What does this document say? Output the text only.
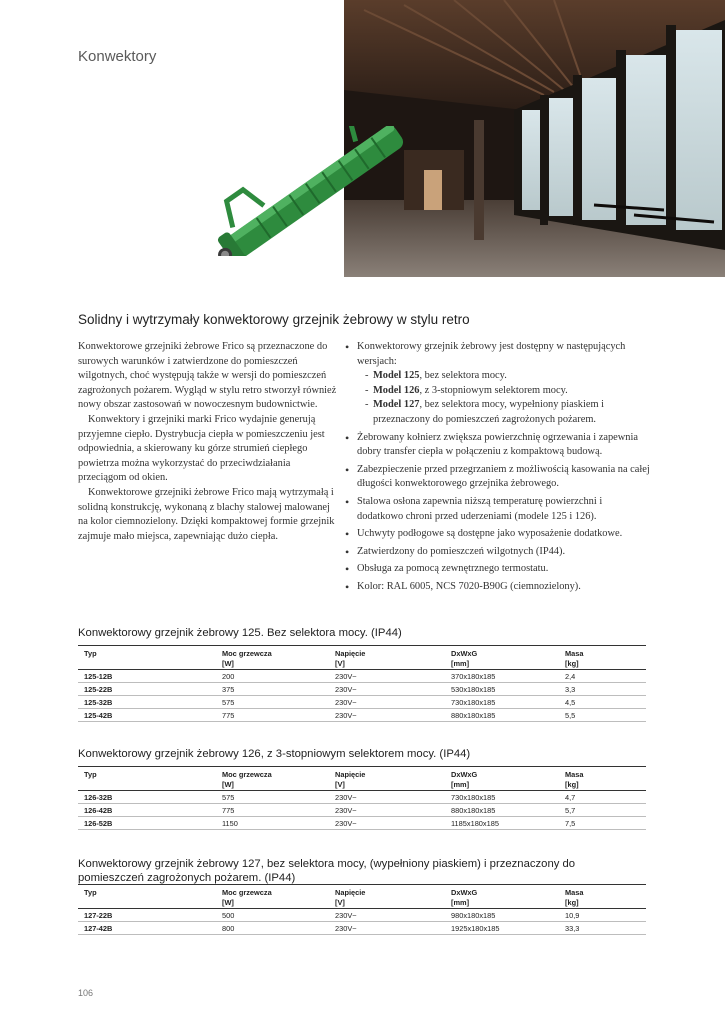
Konwektory
Solidny i wytrzymały konwektorowy grzejnik żebrowy w stylu retro

Konwektorowe grzejniki żebrowe Frico są przeznaczone do surowych warunków i zatwierdzone do pomieszczeń wilgotnych, choć występują także w wersji do pomieszczeń zagrożonych pożarem. Wygląd w stylu retro stworzył również nowy obszar zastosowań w nowoczesnym budownictwie.

Konwektory i grzejniki marki Frico wydajnie generują przyjemne ciepło. Dystrybucja ciepła w pomieszczeniu jest odpowiednia, a skierowany ku górze strumień ciepłego powietrza można wykorzystać do przeciwdziałania przeciągom od okien.

Konwektorowe grzejniki żebrowe Frico mają wytrzymałą i solidną konstrukcję, wykonaną z blachy stalowej malowanej na kolor ciemnozielony. Dzięki kompaktowej formie grzejnik zajmuje mało miejsca, zapewniając dużo ciepła.

• Konwektorowy grzejnik żebrowy jest dostępny w następujących wersjach:
- Model 125, bez selektora mocy.
- Model 126, z 3-stopniowym selektorem mocy.
- Model 127, bez selektora mocy, wypełniony piaskiem i przeznaczony do pomieszczeń zagrożonych pożarem.
• Żebrowany kołnierz zwiększa powierzchnię ogrzewania i zapewnia dobry transfer ciepła w połączeniu z kompaktową budową.
• Zabezpieczenie przed przegrzaniem z możliwością kasowania na całej długości konwektorowego grzejnika żebrowego.
• Stalowa osłona zapewnia niższą temperaturę powierzchni i dodatkowo chroni przed uderzeniami (modele 125 i 126).
• Uchwyty podłogowe są dostępne jako wyposażenie dodatkowe.
• Zatwierdzony do pomieszczeń wilgotnych (IP44).
• Obsługa za pomocą zewnętrznego termostatu.
• Kolor: RAL 6005, NCS 7020-B90G (ciemnozielony).
Konwektorowy grzejnik żebrowy 125. Bez selektora mocy. (IP44)
Typ	Moc grzewcza	Napięcie	DxWxG	Masa
	[W]	[V]	[mm]	[kg]
125-12B	200	230V~	370x180x185	2,4
125-22B	375	230V~	530x180x185	3,3
125-32B	575	230V~	730x180x185	4,5
125-42B	775	230V~	880x180x185	5,5
Konwektorowy grzejnik żebrowy 126, z 3-stopniowym selektorem mocy. (IP44)
Typ	Moc grzewcza	Napięcie	DxWxG	Masa
	[W]	[V]	[mm]	[kg]
126-32B	575	230V~	730x180x185	4,7
126-42B	775	230V~	880x180x185	5,7
126-52B	1150	230V~	1185x180x185	7,5
Konwektorowy grzejnik żebrowy 127, bez selektora mocy, (wypełniony piaskiem) i przeznaczony do pomieszczeń zagrożonych pożarem. (IP44)
Typ	Moc grzewcza	Napięcie	DxWxG	Masa
	[W]	[V]	[mm]	[kg]
127-22B	500	230V~	980x180x185	10,9
127-42B	800	230V~	1925x180x185	33,3
106
